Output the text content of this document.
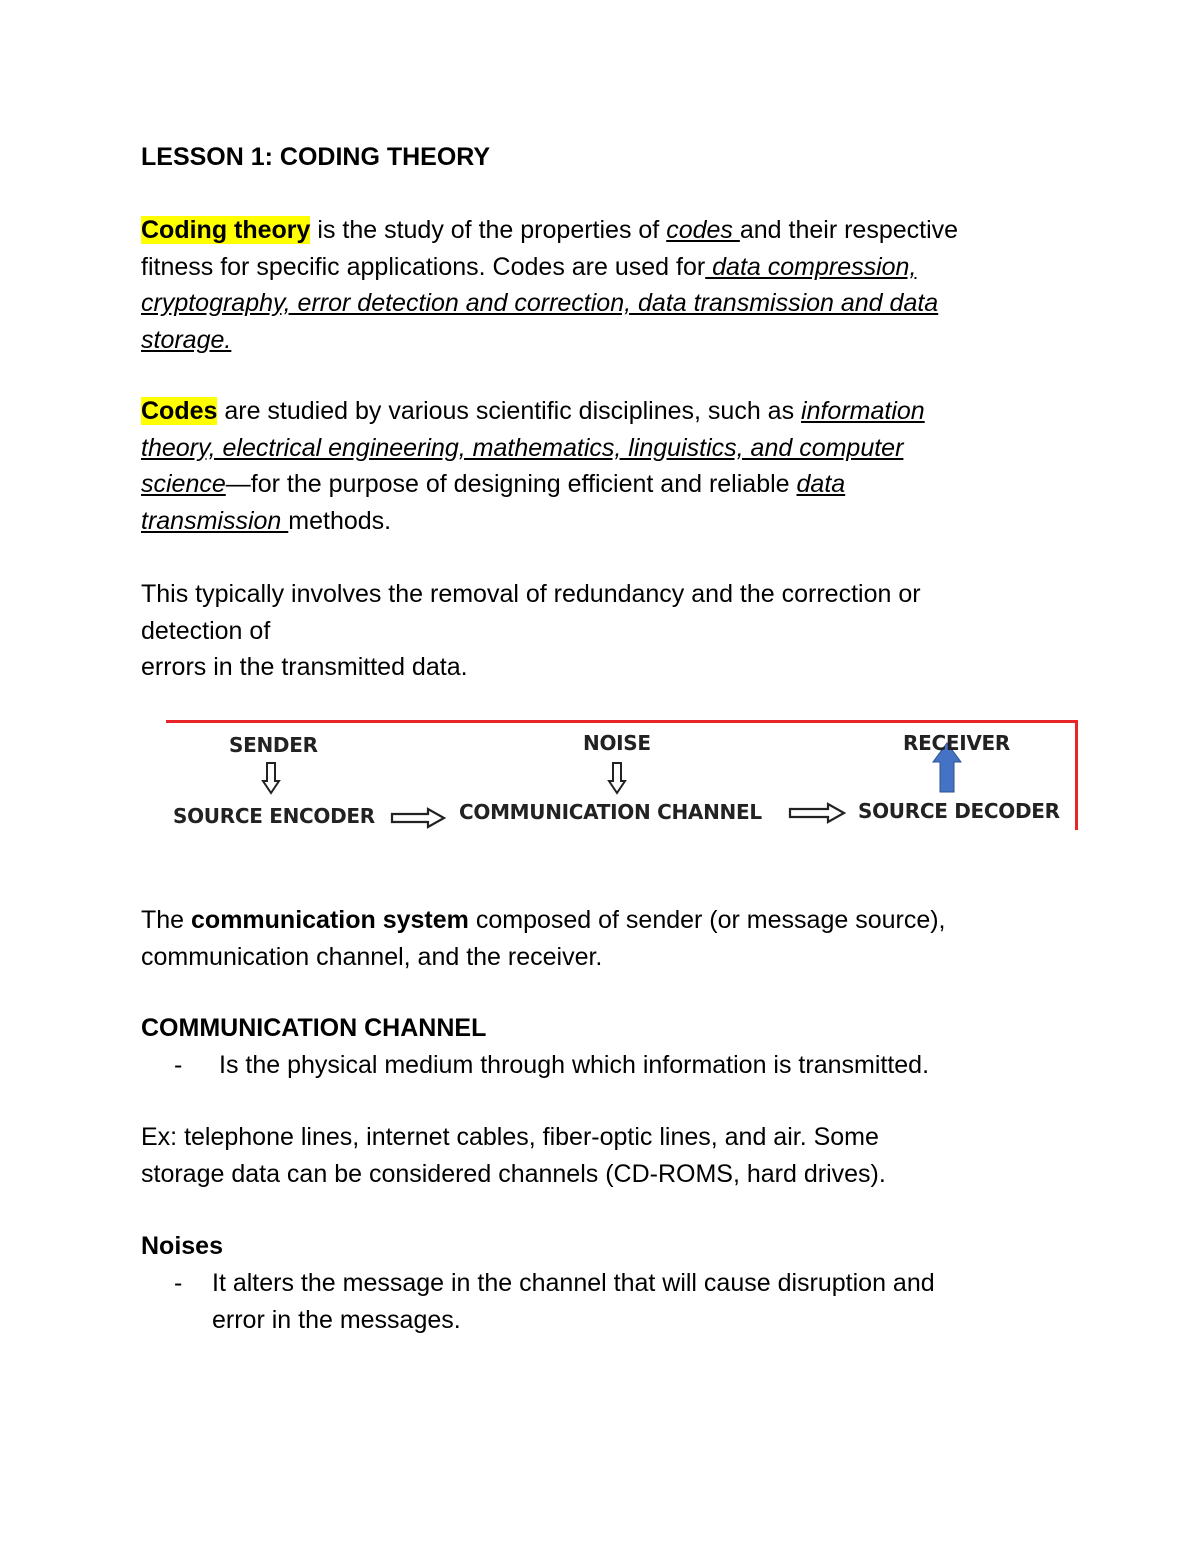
LESSON 1: CODING THEORY
Coding theory is the study of the properties of codes and their respective
fitness for specific applications. Codes are used for data compression,
cryptography, error detection and correction, data transmission and data
storage.
Codes are studied by various scientific disciplines, such as information
theory, electrical engineering, mathematics, linguistics, and computer
science—for the purpose of designing efficient and reliable data
transmission methods.
This typically involves the removal of redundancy and the correction or
detection of
errors in the transmitted data.
SENDER	NOISE	RECEIVER
SOURCE ENCODER	COMMUNICATION CHANNEL	SOURCE DECODER
The communication system composed of sender (or message source),
communication channel, and the receiver.
COMMUNICATION CHANNEL
- Is the physical medium through which information is transmitted.
Ex: telephone lines, internet cables, fiber-optic lines, and air. Some
storage data can be considered channels (CD-ROMS, hard drives).
Noises
- It alters the message in the channel that will cause disruption and
error in the messages.
